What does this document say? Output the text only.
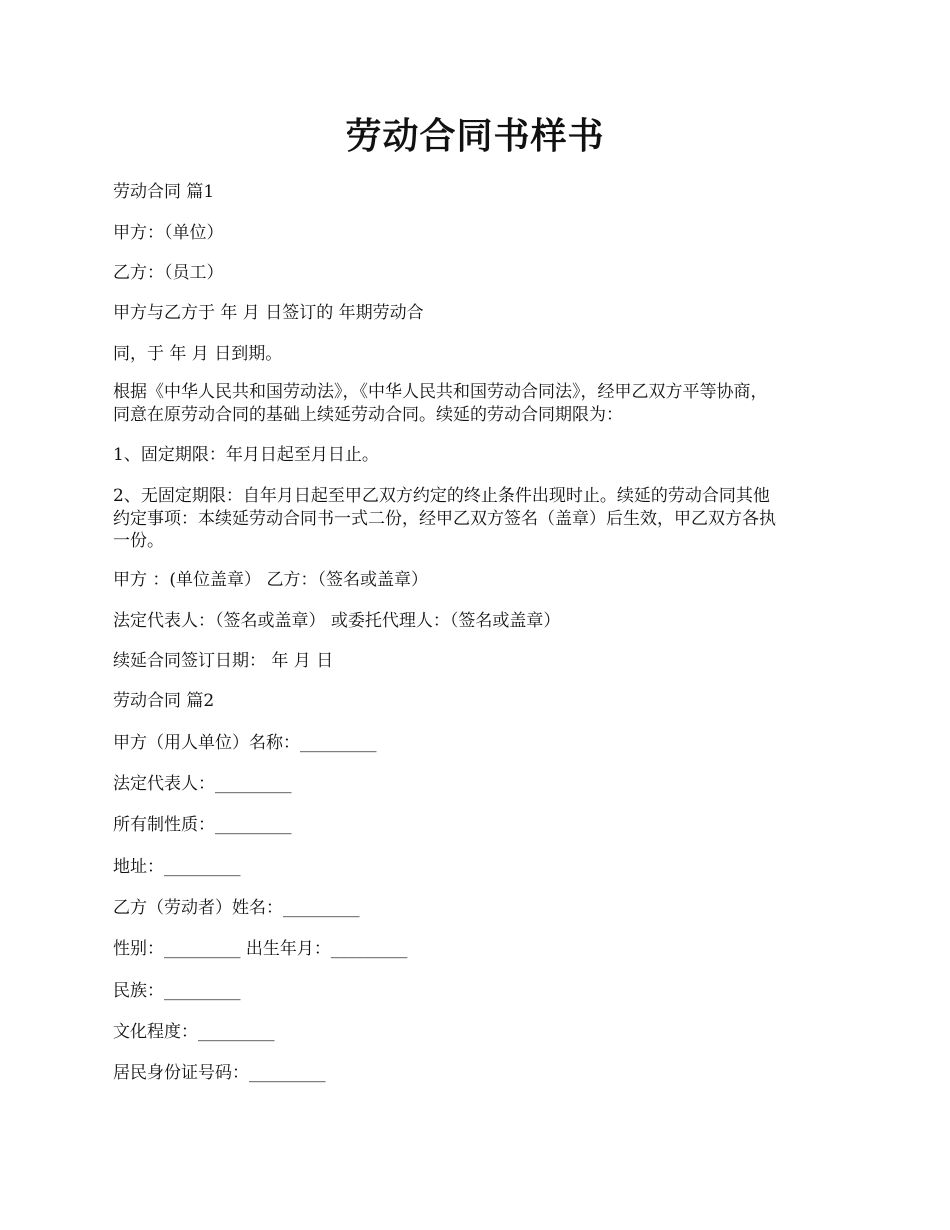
劳动合同书样书

劳动合同 篇1

甲方：（单位）

乙方：（员工）

甲方与乙方于 年 月 日签订的 年期劳动合

同，于 年 月 日到期。

根据《中华人民共和国劳动法》，《中华人民共和国劳动合同法》，经甲乙双方平等协商，

同意在原劳动合同的基础上续延劳动合同。续延的劳动合同期限为：

1、固定期限：年月日起至月日止。

2、无固定期限：自年月日起至甲乙双方约定的终止条件出现时止。续延的劳动合同其他

约定事项：本续延劳动合同书一式二份，经甲乙双方签名（盖章）后生效，甲乙双方各执

一份。

甲方 ：(单位盖章） 乙方：（签名或盖章）

法定代表人：（签名或盖章） 或委托代理人：（签名或盖章）

续延合同签订日期： 年 月 日

劳动合同 篇2

甲方（用人单位）名称：_________

法定代表人：_________

所有制性质：_________

地址：_________

乙方（劳动者）姓名：_________

性别：_________ 出生年月：_________

民族：_________

文化程度：_________

居民身份证号码：_________
